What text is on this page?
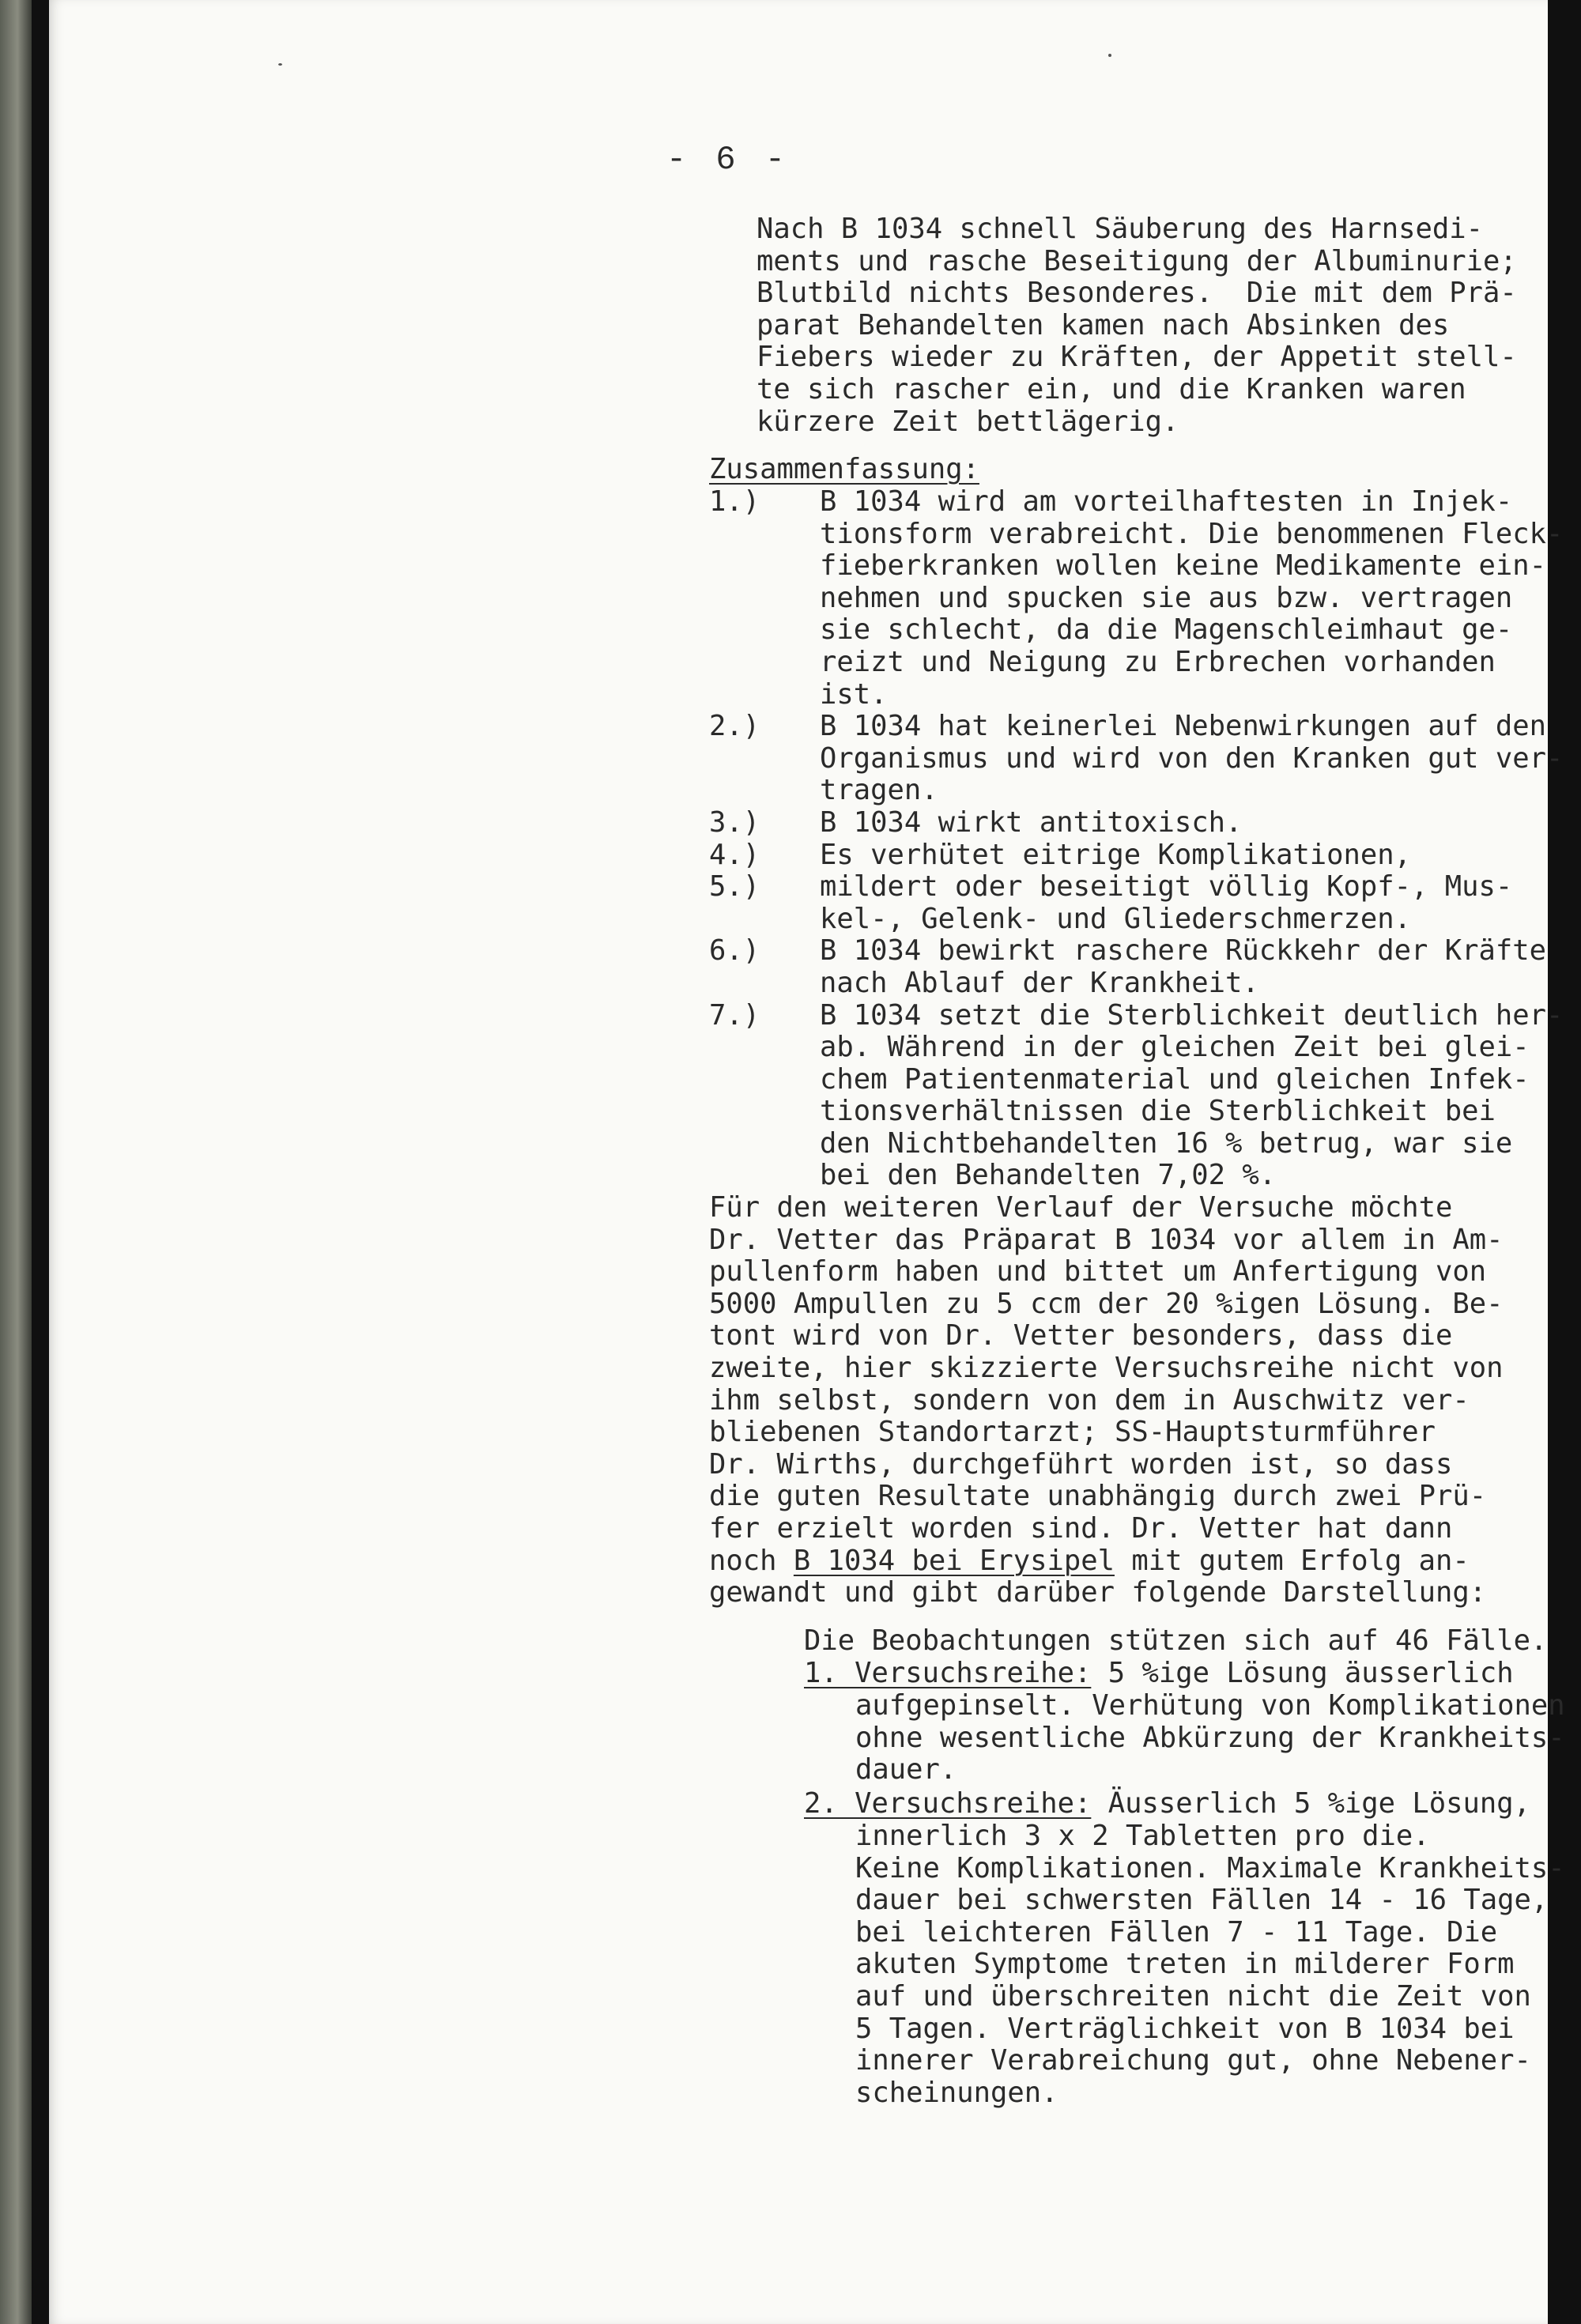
- 6 -
Nach B 1034 schnell Säuberung des Harnsedi-
ments und rasche Beseitigung der Albuminurie;
Blutbild nichts Besonderes.  Die mit dem Prä-
parat Behandelten kamen nach Absinken des
Fiebers wieder zu Kräften, der Appetit stell-
te sich rascher ein, und die Kranken waren
kürzere Zeit bettlägerig.
Zusammenfassung:
1.)

2.)

3.)
4.)
5.)

6.)

7.)
B 1034 wird am vorteilhaftesten in Injek-
tionsform verabreicht. Die benommenen Fleck-
fieberkranken wollen keine Medikamente ein-
nehmen und spucken sie aus bzw. vertragen
sie schlecht, da die Magenschleimhaut ge-
reizt und Neigung zu Erbrechen vorhanden
ist.
B 1034 hat keinerlei Nebenwirkungen auf den
Organismus und wird von den Kranken gut ver-
tragen.
B 1034 wirkt antitoxisch.
Es verhütet eitrige Komplikationen,
mildert oder beseitigt völlig Kopf-, Mus-
kel-, Gelenk- und Gliederschmerzen.
B 1034 bewirkt raschere Rückkehr der Kräfte
nach Ablauf der Krankheit.
B 1034 setzt die Sterblichkeit deutlich her-
ab. Während in der gleichen Zeit bei glei-
chem Patientenmaterial und gleichen Infek-
tionsverhältnissen die Sterblichkeit bei
den Nichtbehandelten 16 % betrug, war sie
bei den Behandelten 7,02 %.
Für den weiteren Verlauf der Versuche möchte
Dr. Vetter das Präparat B 1034 vor allem in Am-
pullenform haben und bittet um Anfertigung von
5000 Ampullen zu 5 ccm der 20 %igen Lösung. Be-
tont wird von Dr. Vetter besonders, dass die
zweite, hier skizzierte Versuchsreihe nicht von
ihm selbst, sondern von dem in Auschwitz ver-
bliebenen Standortarzt; SS-Hauptsturmführer
Dr. Wirths, durchgeführt worden ist, so dass
die guten Resultate unabhängig durch zwei Prü-
fer erzielt worden sind. Dr. Vetter hat dann
noch B 1034 bei Erysipel mit gutem Erfolg an-
gewandt und gibt darüber folgende Darstellung:
Die Beobachtungen stützen sich auf 46 Fälle.
1. Versuchsreihe: 5 %ige Lösung äusserlich
aufgepinselt. Verhütung von Komplikationen
ohne wesentliche Abkürzung der Krankheits-
dauer.
2. Versuchsreihe: Äusserlich 5 %ige Lösung,
innerlich 3 x 2 Tabletten pro die.
Keine Komplikationen. Maximale Krankheits-
dauer bei schwersten Fällen 14 - 16 Tage,
bei leichteren Fällen 7 - 11 Tage. Die
akuten Symptome treten in milderer Form
auf und überschreiten nicht die Zeit von
5 Tagen. Verträglichkeit von B 1034 bei
innerer Verabreichung gut, ohne Nebener-
scheinungen.
